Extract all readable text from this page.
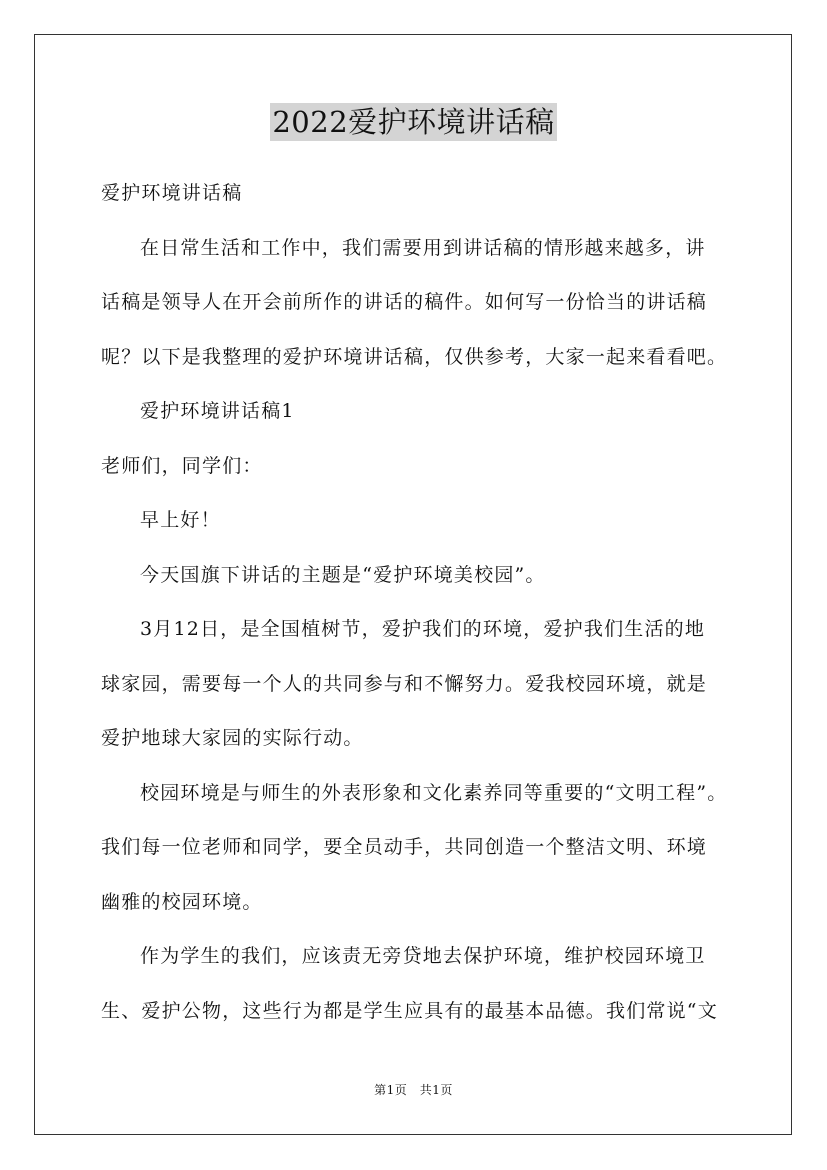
2022爱护环境讲话稿
爱护环境讲话稿
在日常生活和工作中，我们需要用到讲话稿的情形越来越多，讲
话稿是领导人在开会前所作的讲话的稿件。如何写一份恰当的讲话稿
呢？以下是我整理的爱护环境讲话稿，仅供参考，大家一起来看看吧。
爱护环境讲话稿1
老师们，同学们：
早上好！
今天国旗下讲话的主题是“爱护环境美校园”。
3月12日，是全国植树节，爱护我们的环境，爱护我们生活的地
球家园，需要每一个人的共同参与和不懈努力。爱我校园环境，就是
爱护地球大家园的实际行动。
校园环境是与师生的外表形象和文化素养同等重要的“文明工程”。
我们每一位老师和同学，要全员动手，共同创造一个整洁文明、环境
幽雅的校园环境。
作为学生的我们，应该责无旁贷地去保护环境，维护校园环境卫
生、爱护公物，这些行为都是学生应具有的最基本品德。我们常说“文
第1页　共1页
